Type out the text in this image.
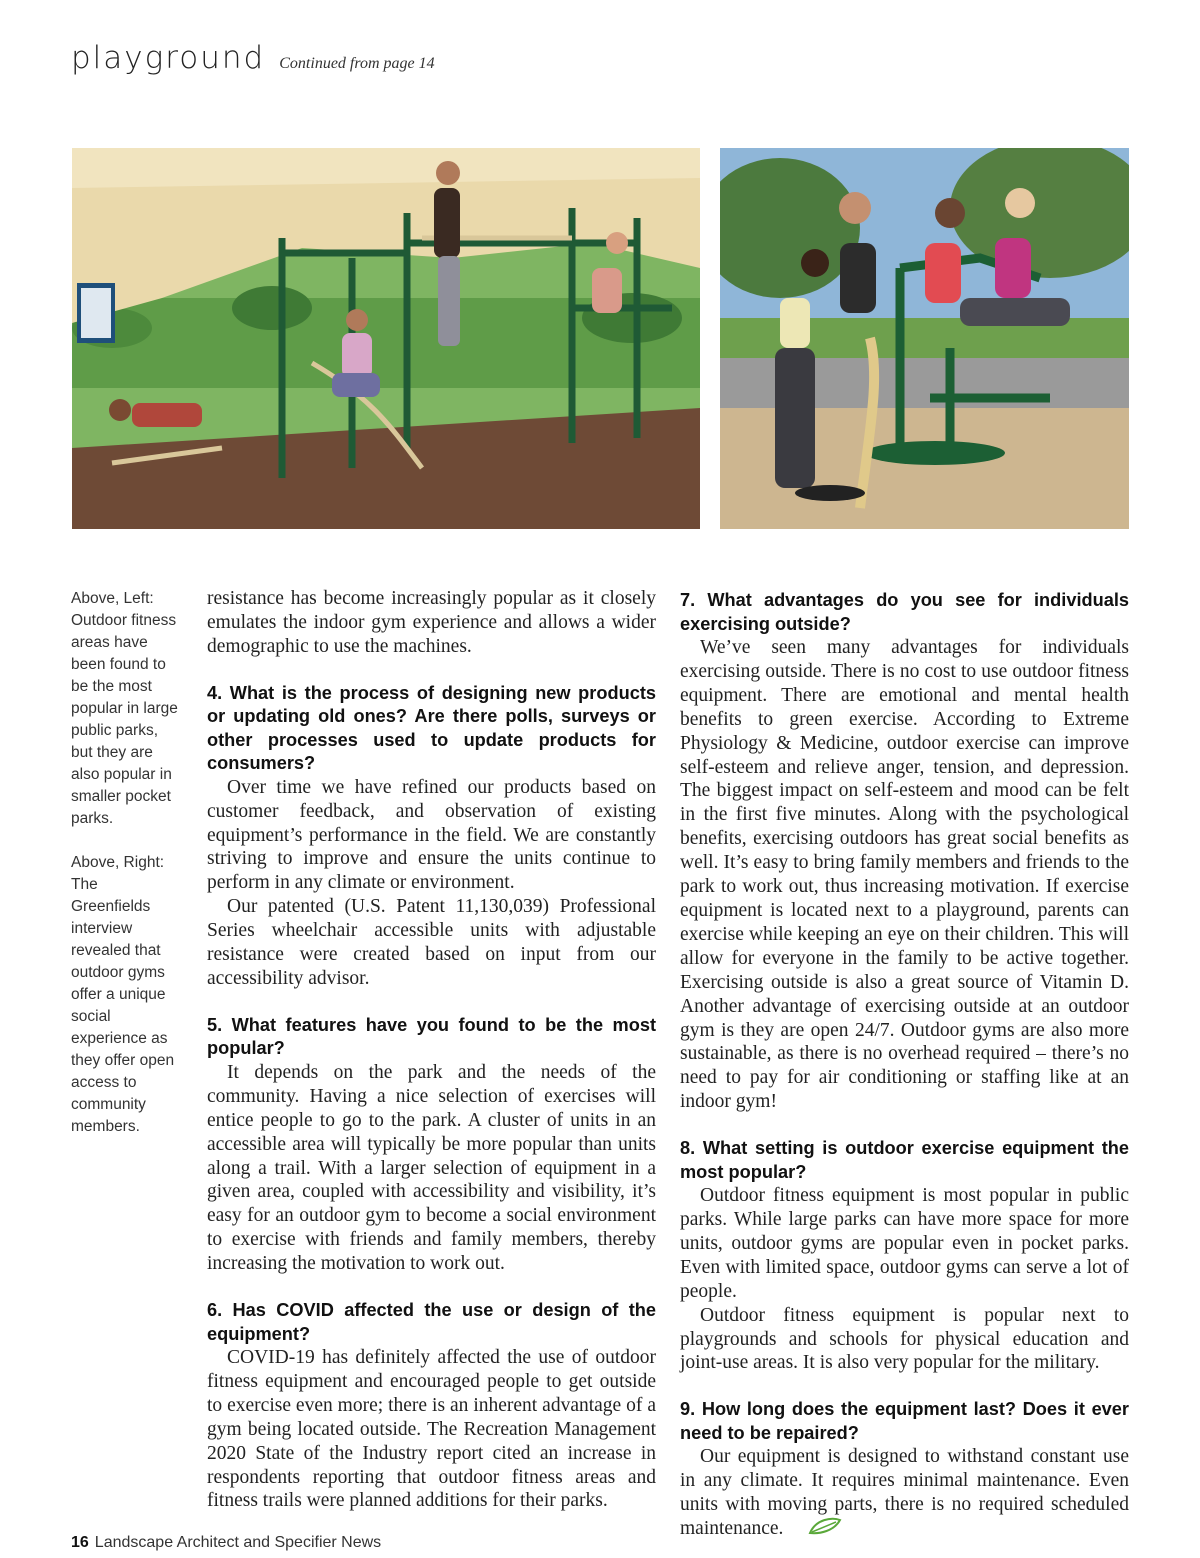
playground Continued from page 14

Above, Left: Outdoor fitness areas have been found to be the most popular in large public parks, but they are also popular in smaller pocket parks.

Above, Right: The Greenfields interview revealed that outdoor gyms offer a unique social experience as they offer open access to community members.

resistance has become increasingly popular as it closely emulates the indoor gym experience and allows a wider demographic to use the machines.

4. What is the process of designing new products or updating old ones? Are there polls, surveys or other processes used to update products for consumers?

Over time we have refined our products based on customer feedback, and observation of existing equipment’s performance in the field. We are constantly striving to improve and ensure the units continue to perform in any climate or environment.

Our patented (U.S. Patent 11,130,039) Professional Series wheelchair accessible units with adjustable resistance were created based on input from our accessibility advisor.

5. What features have you found to be the most popular?

It depends on the park and the needs of the community. Having a nice selection of exercises will entice people to go to the park. A cluster of units in an accessible area will typically be more popular than units along a trail. With a larger selection of equipment in a given area, coupled with accessibility and visibility, it’s easy for an outdoor gym to become a social environment to exercise with friends and family members, thereby increasing the motivation to work out.

6. Has COVID affected the use or design of the equipment?

COVID-19 has definitely affected the use of outdoor fitness equipment and encouraged people to get outside to exercise even more; there is an inherent advantage of a gym being located outside. The Recreation Management 2020 State of the Industry report cited an increase in respondents reporting that outdoor fitness areas and fitness trails were planned additions for their parks.

7. What advantages do you see for individuals exercising outside?

We’ve seen many advantages for individuals exercising outside. There is no cost to use outdoor fitness equipment. There are emotional and mental health benefits to green exercise. According to Extreme Physiology & Medicine, outdoor exercise can improve self-esteem and relieve anger, tension, and depression. The biggest impact on self-esteem and mood can be felt in the first five minutes. Along with the psychological benefits, exercising outdoors has great social benefits as well. It’s easy to bring family members and friends to the park to work out, thus increasing motivation. If exercise equipment is located next to a playground, parents can exercise while keeping an eye on their children. This will allow for everyone in the family to be active together. Exercising outside is also a great source of Vitamin D. Another advantage of exercising outside at an outdoor gym is they are open 24/7. Outdoor gyms are also more sustainable, as there is no overhead required – there’s no need to pay for air conditioning or staffing like at an indoor gym!

8. What setting is outdoor exercise equipment the most popular?

Outdoor fitness equipment is most popular in public parks. While large parks can have more space for more units, outdoor gyms are popular even in pocket parks. Even with limited space, outdoor gyms can serve a lot of people.

Outdoor fitness equipment is popular next to playgrounds and schools for physical education and joint-use areas. It is also very popular for the military.

9. How long does the equipment last? Does it ever need to be repaired?

Our equipment is designed to withstand constant use in any climate. It requires minimal maintenance. Even units with moving parts, there is no required scheduled maintenance.

16 Landscape Architect and Specifier News
